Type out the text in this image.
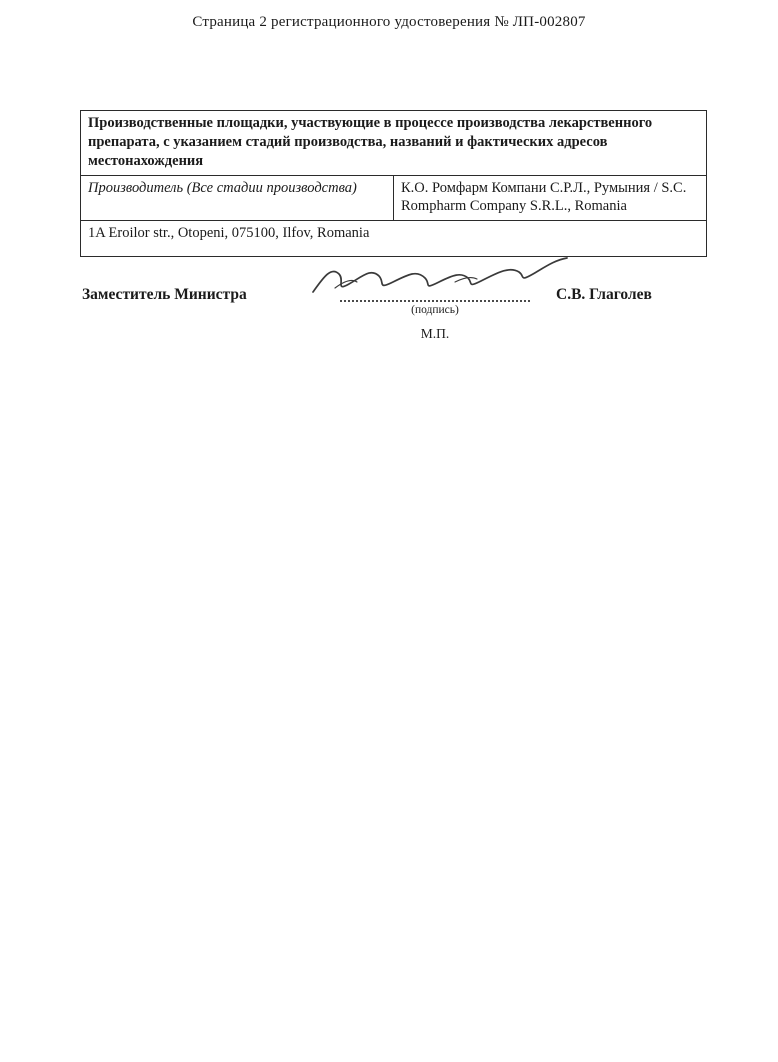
Страница 2 регистрационного удостоверения № ЛП-002807
Производственные площадки, участвующие в процессе производства лекарственного препарата, с указанием стадий производства, названий и фактических адресов местонахождения
Производитель (Все стадии производства)	К.О. Ромфарм Компани С.Р.Л., Румыния / S.C. Rompharm Company S.R.L., Romania
1A Eroilor str., Otopeni, 075100, Ilfov, Romania
Заместитель Министра
(подпись)
С.В. Глаголев
М.П.
